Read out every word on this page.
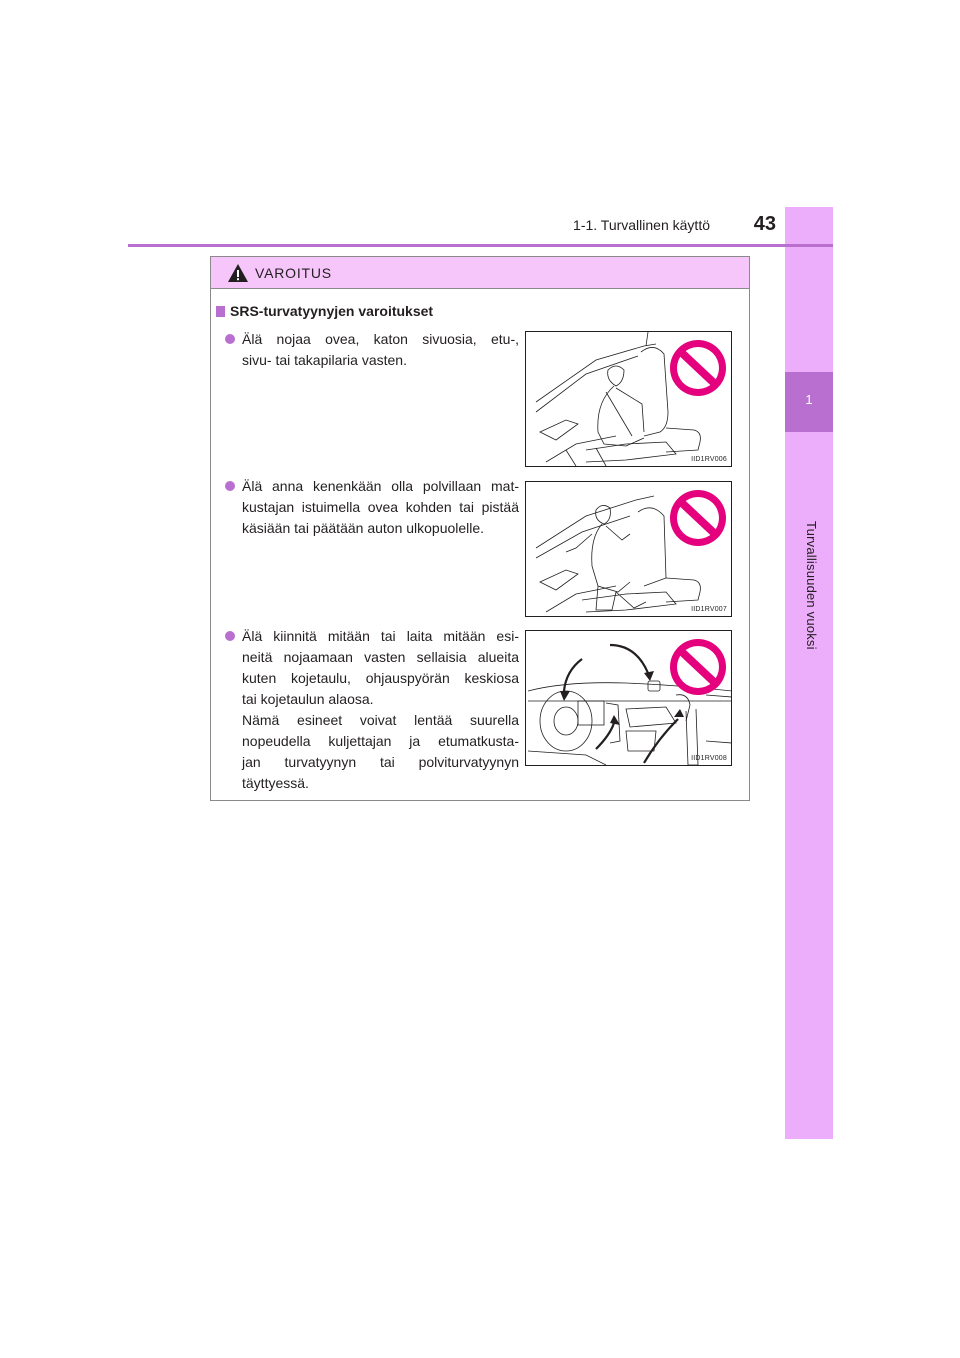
1
Turvallisuuden vuoksi
1-1. Turvallinen käyttö	43
VAROITUS
SRS-turvatyynyjen varoitukset
Älä nojaa ovea, katon sivuosia, etu-,
sivu- tai takapilaria vasten.
IID1RV006
Älä anna kenenkään olla polvillaan mat-
kustajan istuimella ovea kohden tai pistää
käsiään tai päätään auton ulkopuolelle.
IID1RV007
Älä kiinnitä mitään tai laita mitään esi-
neitä nojaamaan vasten sellaisia alueita
kuten kojetaulu, ohjauspyörän keskiosa
tai kojetaulun alaosa.
Nämä esineet voivat lentää suurella
nopeudella kuljettajan ja etumatkusta-
jan turvatyynyn tai polviturvatyynyn
täyttyessä.
IID1RV008
